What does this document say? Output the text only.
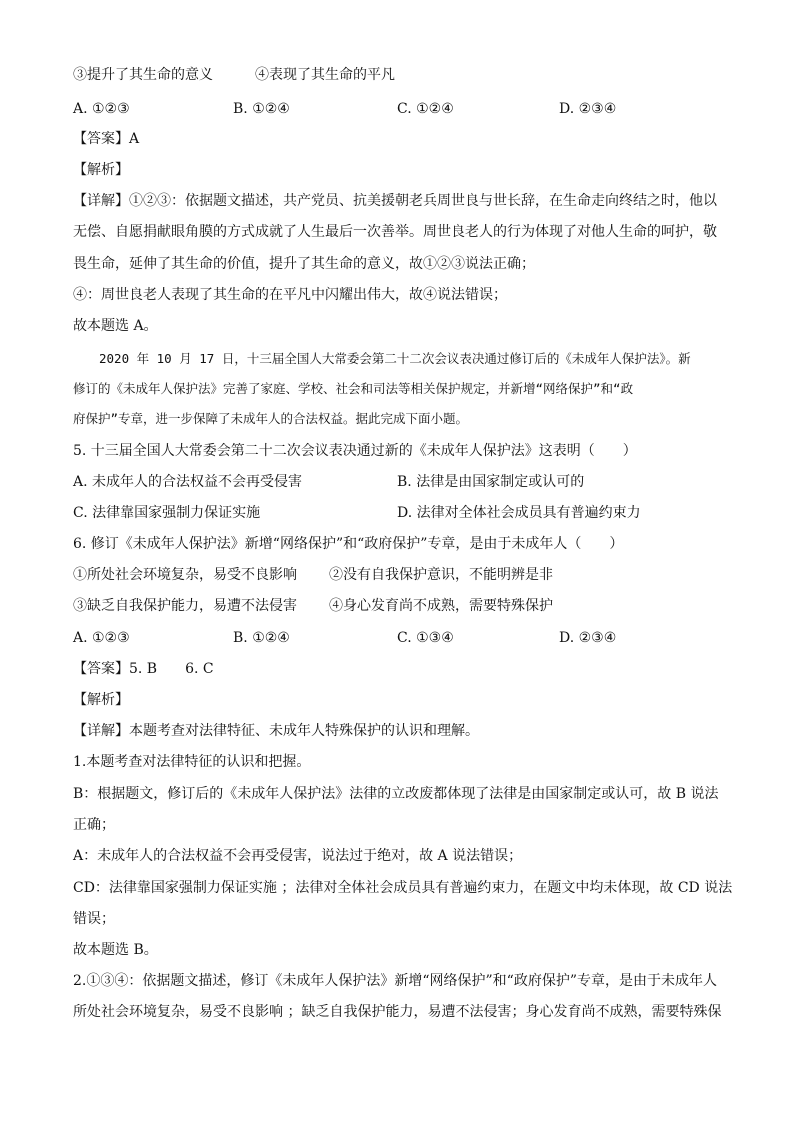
③提升了其生命的意义	④表现了其生命的平凡
A. ①②③	B. ①②④	C. ①②④	D. ②③④
【答案】A
【解析】
【详解】①②③：依据题文描述，共产党员、抗美援朝老兵周世良与世长辞，在生命走向终结之时，他以
无偿、自愿捐献眼角膜的方式成就了人生最后一次善举。周世良老人的行为体现了对他人生命的呵护，敬
畏生命，延伸了其生命的价值，提升了其生命的意义，故①②③说法正确；
④：周世良老人表现了其生命的在平凡中闪耀出伟大，故④说法错误；
故本题选 A。
2020 年 10 月 17 日，十三届全国人大常委会第二十二次会议表决通过修订后的《未成年人保护法》。新
修订的《未成年人保护法》完善了家庭、学校、社会和司法等相关保护规定，并新增“网络保护”和“政
府保护”专章，进一步保障了未成年人的合法权益。据此完成下面小题。
5. 十三届全国人大常委会第二十二次会议表决通过新的《未成年人保护法》这表明（　　）
A. 未成年人的合法权益不会再受侵害	B. 法律是由国家制定或认可的
C. 法律靠国家强制力保证实施	D. 法律对全体社会成员具有普遍约束力
6. 修订《未成年人保护法》新增“网络保护”和“政府保护”专章，是由于未成年人（　　）
①所处社会环境复杂，易受不良影响 ②没有自我保护意识，不能明辨是非
③缺乏自我保护能力，易遭不法侵害 ④身心发育尚不成熟，需要特殊保护
A. ①②③	B. ①②④	C. ①③④	D. ②③④
【答案】5. B　　6. C
【解析】
【详解】本题考查对法律特征、未成年人特殊保护的认识和理解。
1.本题考查对法律特征的认识和把握。
B：根据题文，修订后的《未成年人保护法》法律的立改废都体现了法律是由国家制定或认可，故 B 说法
正确；
A：未成年人的合法权益不会再受侵害，说法过于绝对，故 A 说法错误；
CD：法律靠国家强制力保证实施 ；法律对全体社会成员具有普遍约束力，在题文中均未体现，故 CD 说法
错误；
故本题选 B。
2.①③④：依据题文描述，修订《未成年人保护法》新增“网络保护”和“政府保护”专章，是由于未成年人
所处社会环境复杂，易受不良影响 ；缺乏自我保护能力，易遭不法侵害；身心发育尚不成熟，需要特殊保
